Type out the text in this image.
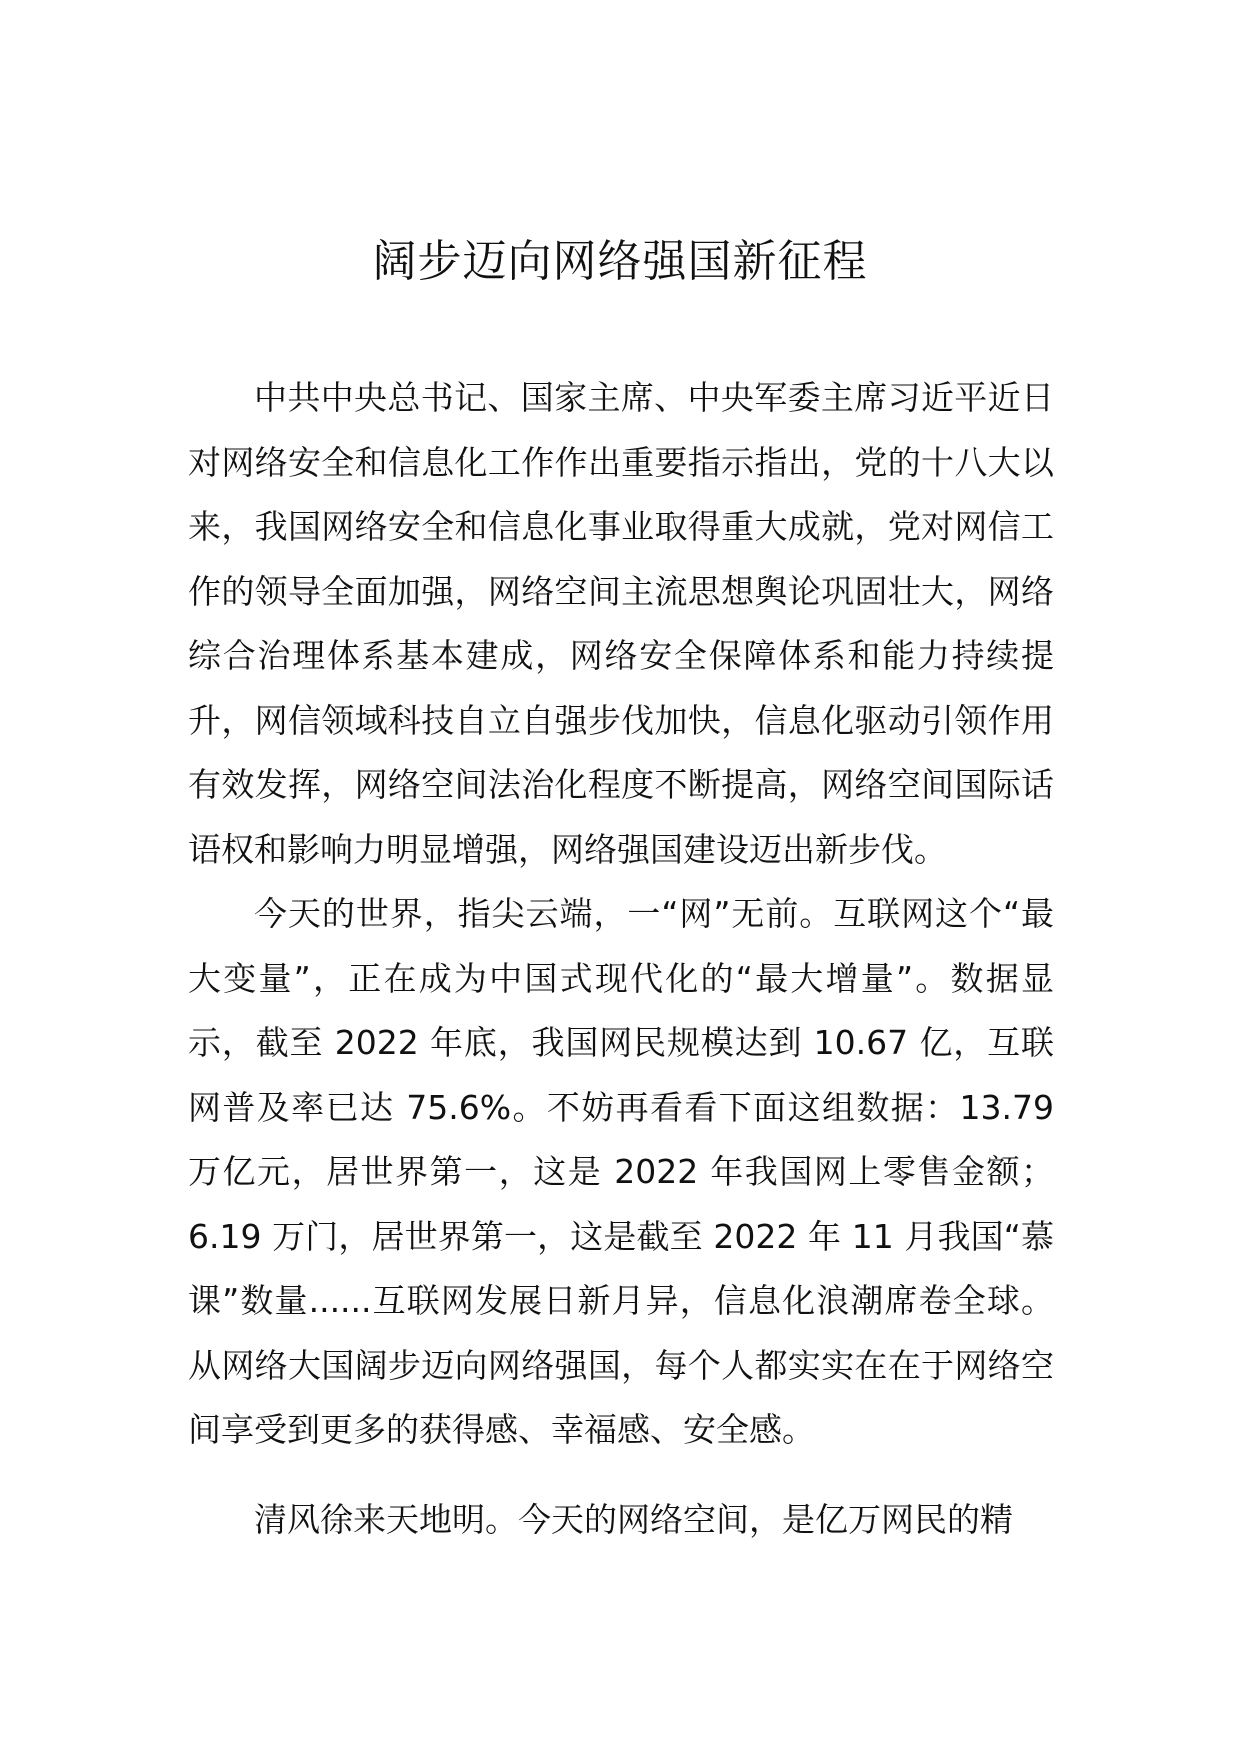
阔步迈向网络强国新征程

中共中央总书记、国家主席、中央军委主席习近平近日对网络安全和信息化工作作出重要指示指出，党的十八大以来，我国网络安全和信息化事业取得重大成就，党对网信工作的领导全面加强，网络空间主流思想舆论巩固壮大，网络综合治理体系基本建成，网络安全保障体系和能力持续提升，网信领域科技自立自强步伐加快，信息化驱动引领作用有效发挥，网络空间法治化程度不断提高，网络空间国际话语权和影响力明显增强，网络强国建设迈出新步伐。

今天的世界，指尖云端，一“网”无前。互联网这个“最大变量”，正在成为中国式现代化的“最大增量”。数据显示，截至 2022 年底，我国网民规模达到 10.67 亿，互联网普及率已达 75.6%。不妨再看看下面这组数据：13.79 万亿元，居世界第一，这是 2022 年我国网上零售金额；6.19 万门，居世界第一，这是截至 2022 年 11 月我国“慕课”数量......互联网发展日新月异，信息化浪潮席卷全球。从网络大国阔步迈向网络强国，每个人都实实在在于网络空间享受到更多的获得感、幸福感、安全感。

清风徐来天地明。今天的网络空间，是亿万网民的精
